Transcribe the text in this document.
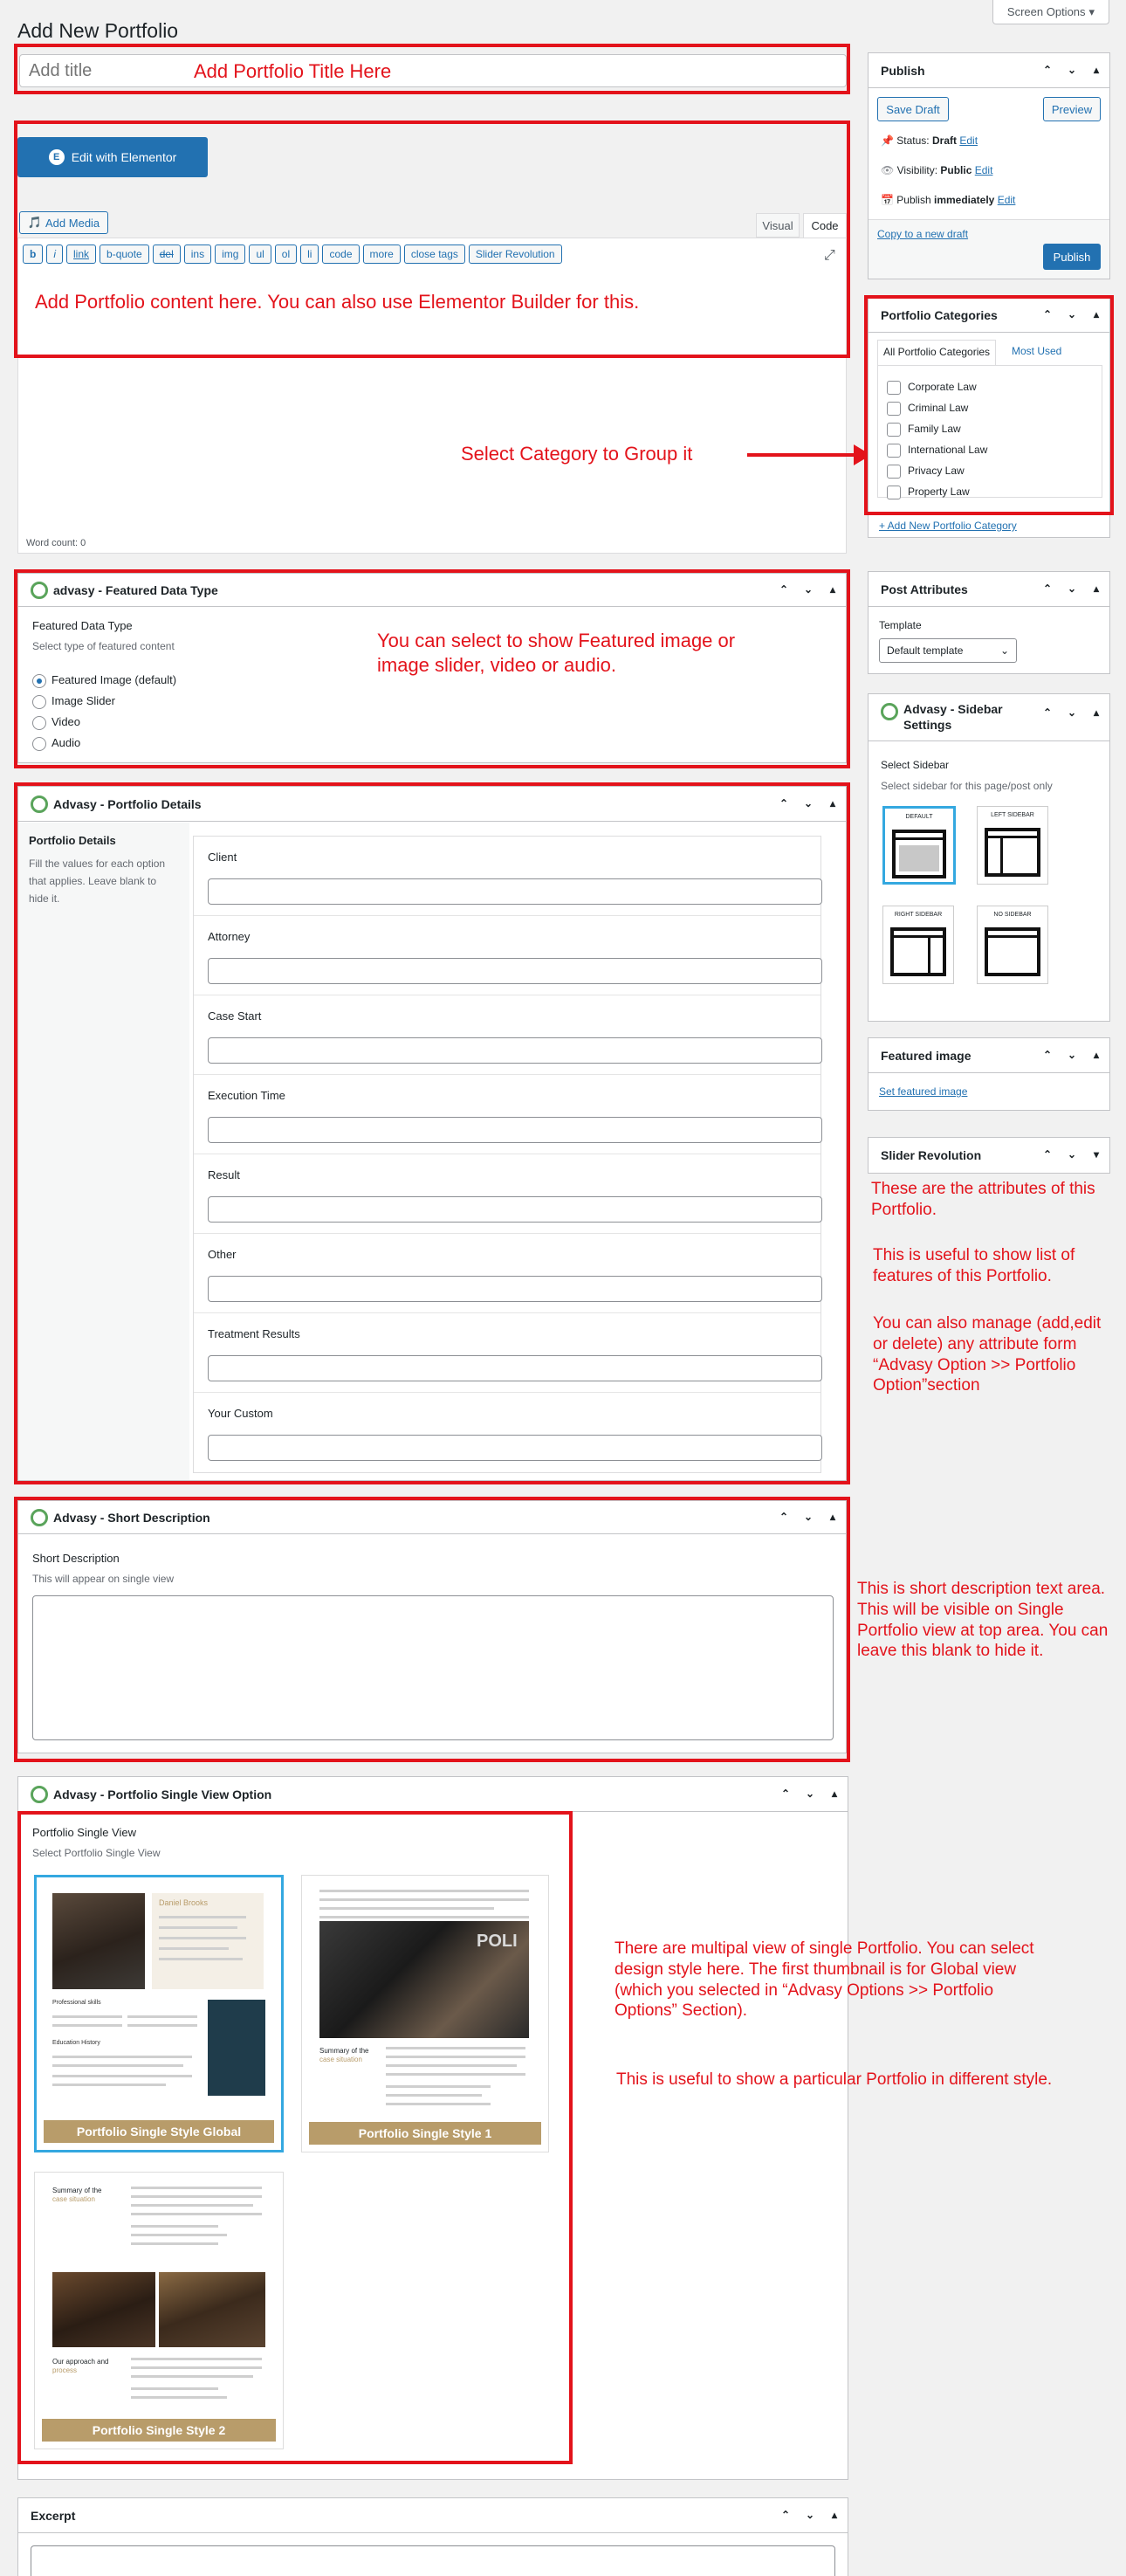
Add New Portfolio
Screen Options ▾
Add title
Add Portfolio Title Here
E Edit with Elementor
🎵 Add Media	Visual	Code
b	i	link	b-quote	del	ins	img	ul	ol	li	code	more	close tags	Slider Revolution	⤢
Word count: 0
Add Portfolio content here. You can also use Elementor Builder for this.
Select Category to Group it
advasy - Featured Data Type	⌃ ⌄	▴
Featured Data Type
Select type of featured content
Featured Image (default)
Image Slider
Video
Audio
You can select to show Featured image or image slider, video or audio.
Advasy - Portfolio Details	⌃ ⌄	▴
Portfolio Details
Fill the values for each option that applies. Leave blank to hide it.
Client
Attorney
Case Start
Execution Time
Result
Other
Treatment Results
Your Custom
Advasy - Short Description	⌃ ⌄	▴
Short Description
This will appear on single view
This is short description text area. This will be visible on Single Portfolio view at top area. You can leave this blank to hide it.
Advasy - Portfolio Single View Option	⌃ ⌄	▴
Portfolio Single View
Select Portfolio Single View
Daniel Brooks
Professional skills
Education History
Portfolio Single Style Global
POLI
Summary of the
case situation
Portfolio Single Style 1
Summary of the
case situation
Our approach and
process
Portfolio Single Style 2
There are multipal view of single Portfolio. You can select design style here. The first thumbnail is for Global view (which you selected in “Advasy Options >> Portfolio Options” Section).
This is useful to show a particular Portfolio in different style.
Excerpt	⌃ ⌄	▴
Publish	⌃ ⌄	▴
Save Draft	Preview
📌 Status: Draft Edit
👁 Visibility: Public Edit
📅 Publish immediately Edit
Copy to a new draft
Publish
Portfolio Categories	⌃ ⌄	▴
All Portfolio Categories	Most Used
Corporate Law
Criminal Law
Family Law
International Law
Privacy Law
Property Law
+ Add New Portfolio Category
Post Attributes	⌃ ⌄	▴
Template
Default template	⌄
Advasy - Sidebar Settings
⌃ ⌄	▴
Select Sidebar
Select sidebar for this page/post only
DEFAULT	LEFT SIDEBAR
RIGHT SIDEBAR	NO SIDEBAR
Featured image	⌃ ⌄	▴
Set featured image
Slider Revolution	⌃ ⌄	▾
These are the attributes of this Portfolio.
This is useful to show list of features of this Portfolio.
You can also manage (add,edit or delete) any attribute form “Advasy Option >> Portfolio Option”section
